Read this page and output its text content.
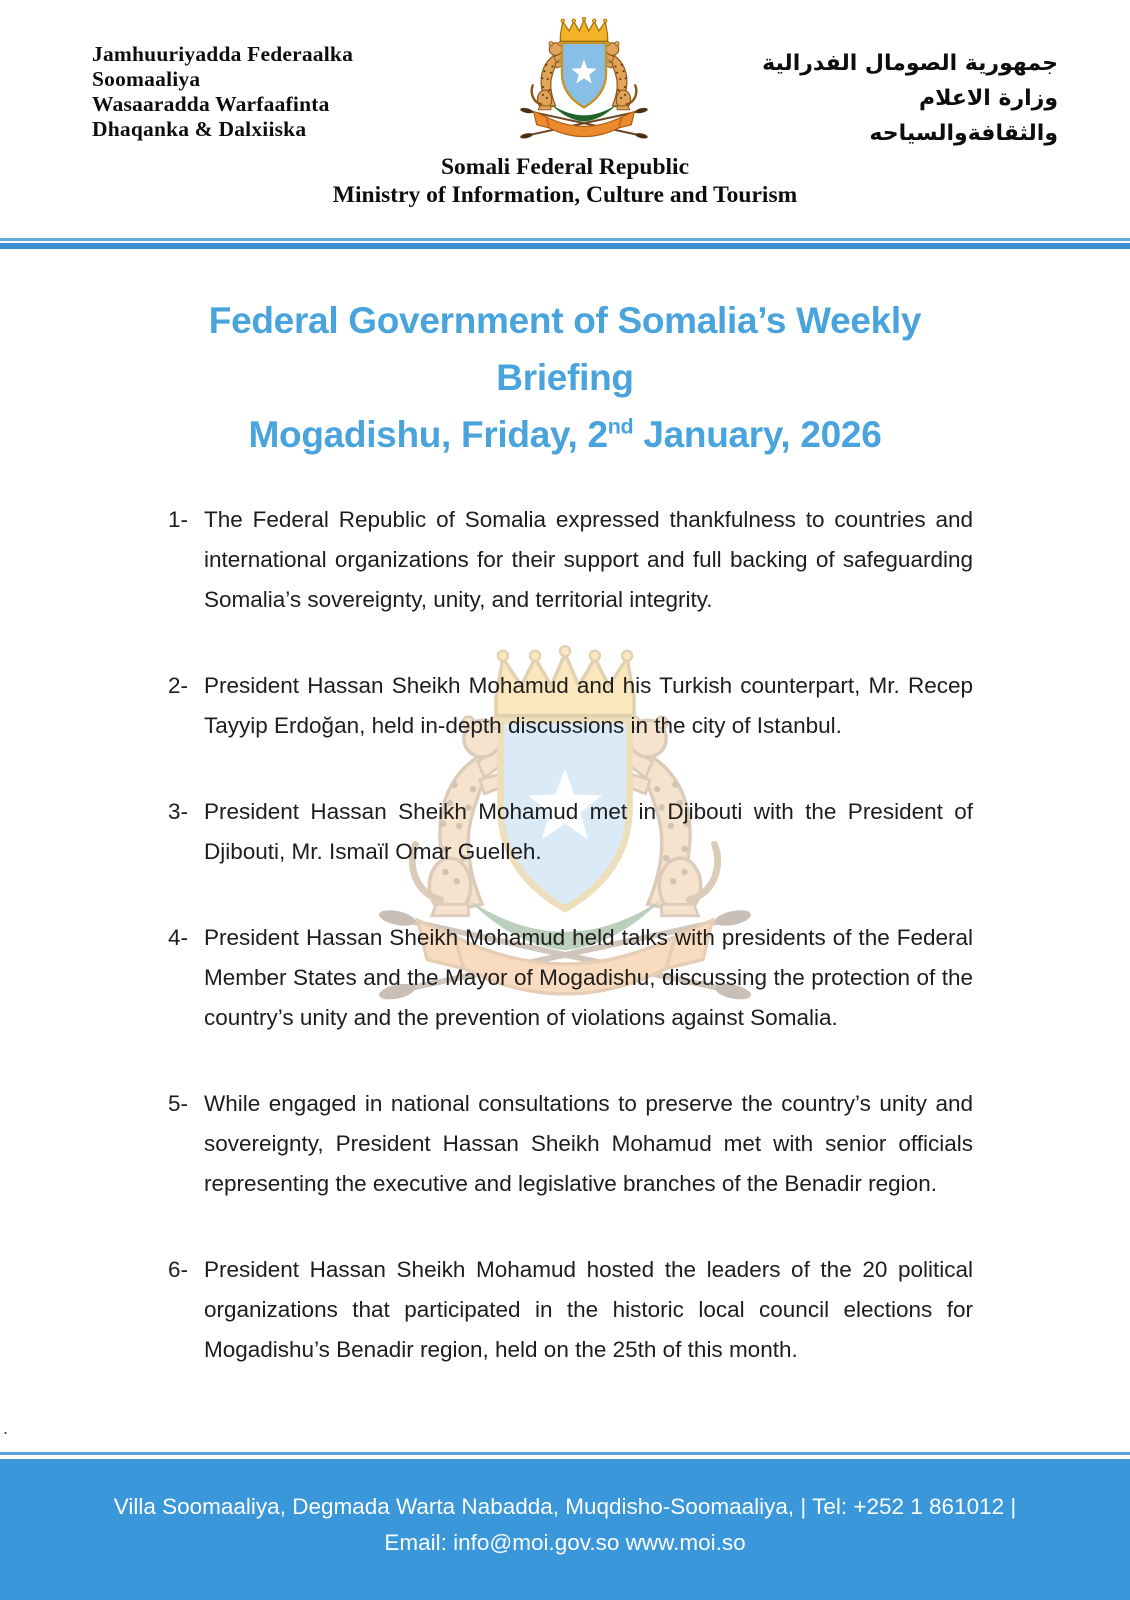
Jamhuuriyadda Federaalka
Soomaaliya
Wasaaradda Warfaafinta
Dhaqanka & Dalxiiska
جمهورية الصومال الفدرالية
وزارة الاعلام
والثقافةوالسياحه
Somali Federal Republic
Ministry of Information, Culture and Tourism
Federal Government of Somalia’s Weekly
Briefing
Mogadishu, Friday, 2nd January, 2026
1- The Federal Republic of Somalia expressed thankfulness to countries and international organizations for their support and full backing of safeguarding Somalia’s sovereignty, unity, and territorial integrity.
2- President Hassan Sheikh Mohamud and his Turkish counterpart, Mr. Recep Tayyip Erdoğan, held in-depth discussions in the city of Istanbul.
3- President Hassan Sheikh Mohamud met in Djibouti with the President of Djibouti, Mr. Ismaïl Omar Guelleh.
4- President Hassan Sheikh Mohamud held talks with presidents of the Federal Member States and the Mayor of Mogadishu, discussing the protection of the country’s unity and the prevention of violations against Somalia.
5- While engaged in national consultations to preserve the country’s unity and sovereignty, President Hassan Sheikh Mohamud met with senior officials representing the executive and legislative branches of the Benadir region.
6- President Hassan Sheikh Mohamud hosted the leaders of the 20 political organizations that participated in the historic local council elections for Mogadishu’s Benadir region, held on the 25th of this month.
.
Villa Soomaaliya, Degmada Warta Nabadda, Muqdisho-Soomaaliya, | Tel: +252 1 861012 |
Email: info@moi.gov.so www.moi.so
